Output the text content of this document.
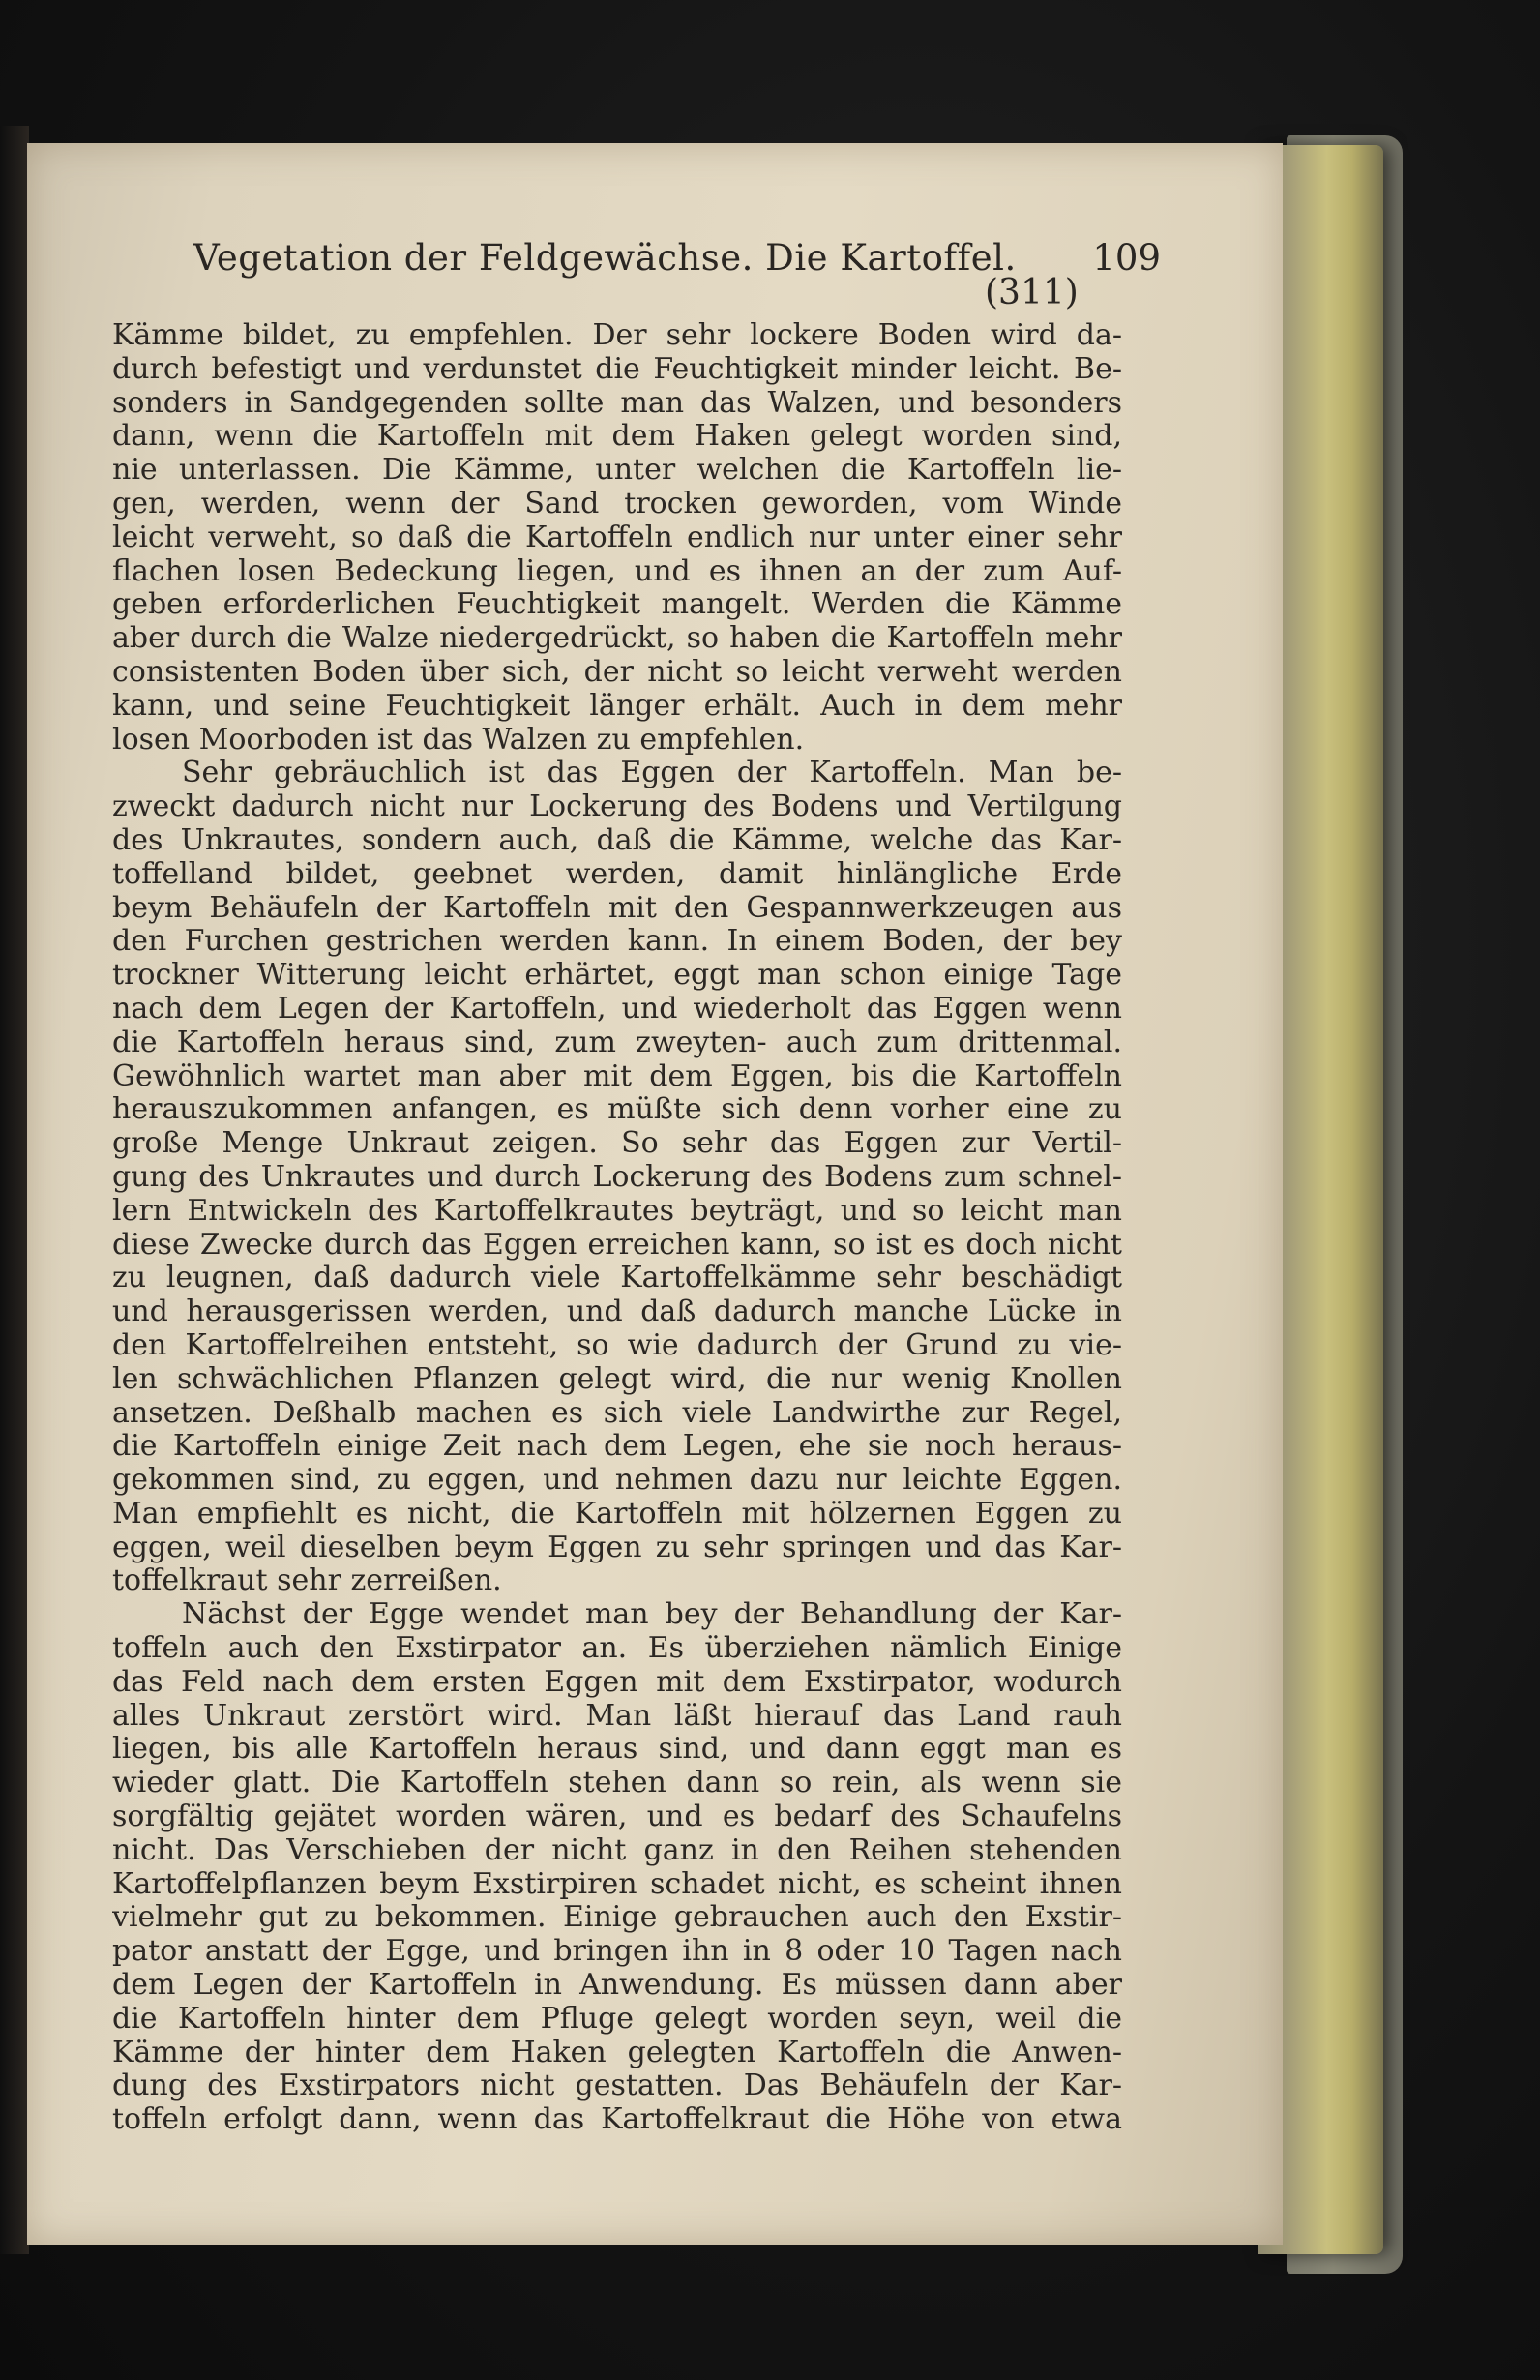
Vegetation der Feldgewächse. Die Kartoffel. 109
(311)
Kämme bildet, zu empfehlen. Der sehr lockere Boden wird da-
durch befestigt und verdunstet die Feuchtigkeit minder leicht. Be-
sonders in Sandgegenden sollte man das Walzen, und besonders
dann, wenn die Kartoffeln mit dem Haken gelegt worden sind,
nie unterlassen. Die Kämme, unter welchen die Kartoffeln lie-
gen, werden, wenn der Sand trocken geworden, vom Winde
leicht verweht, so daß die Kartoffeln endlich nur unter einer sehr
flachen losen Bedeckung liegen, und es ihnen an der zum Auf-
geben erforderlichen Feuchtigkeit mangelt. Werden die Kämme
aber durch die Walze niedergedrückt, so haben die Kartoffeln mehr
consistenten Boden über sich, der nicht so leicht verweht werden
kann, und seine Feuchtigkeit länger erhält. Auch in dem mehr
losen Moorboden ist das Walzen zu empfehlen.
Sehr gebräuchlich ist das Eggen der Kartoffeln. Man be-
zweckt dadurch nicht nur Lockerung des Bodens und Vertilgung
des Unkrautes, sondern auch, daß die Kämme, welche das Kar-
toffelland bildet, geebnet werden, damit hinlängliche Erde
beym Behäufeln der Kartoffeln mit den Gespannwerkzeugen aus
den Furchen gestrichen werden kann. In einem Boden, der bey
trockner Witterung leicht erhärtet, eggt man schon einige Tage
nach dem Legen der Kartoffeln, und wiederholt das Eggen wenn
die Kartoffeln heraus sind, zum zweyten- auch zum drittenmal.
Gewöhnlich wartet man aber mit dem Eggen, bis die Kartoffeln
herauszukommen anfangen, es müßte sich denn vorher eine zu
große Menge Unkraut zeigen. So sehr das Eggen zur Vertil-
gung des Unkrautes und durch Lockerung des Bodens zum schnel-
lern Entwickeln des Kartoffelkrautes beyträgt, und so leicht man
diese Zwecke durch das Eggen erreichen kann, so ist es doch nicht
zu leugnen, daß dadurch viele Kartoffelkämme sehr beschädigt
und herausgerissen werden, und daß dadurch manche Lücke in
den Kartoffelreihen entsteht, so wie dadurch der Grund zu vie-
len schwächlichen Pflanzen gelegt wird, die nur wenig Knollen
ansetzen. Deßhalb machen es sich viele Landwirthe zur Regel,
die Kartoffeln einige Zeit nach dem Legen, ehe sie noch heraus-
gekommen sind, zu eggen, und nehmen dazu nur leichte Eggen.
Man empfiehlt es nicht, die Kartoffeln mit hölzernen Eggen zu
eggen, weil dieselben beym Eggen zu sehr springen und das Kar-
toffelkraut sehr zerreißen.
Nächst der Egge wendet man bey der Behandlung der Kar-
toffeln auch den Exstirpator an. Es überziehen nämlich Einige
das Feld nach dem ersten Eggen mit dem Exstirpator, wodurch
alles Unkraut zerstört wird. Man läßt hierauf das Land rauh
liegen, bis alle Kartoffeln heraus sind, und dann eggt man es
wieder glatt. Die Kartoffeln stehen dann so rein, als wenn sie
sorgfältig gejätet worden wären, und es bedarf des Schaufelns
nicht. Das Verschieben der nicht ganz in den Reihen stehenden
Kartoffelpflanzen beym Exstirpiren schadet nicht, es scheint ihnen
vielmehr gut zu bekommen. Einige gebrauchen auch den Exstir-
pator anstatt der Egge, und bringen ihn in 8 oder 10 Tagen nach
dem Legen der Kartoffeln in Anwendung. Es müssen dann aber
die Kartoffeln hinter dem Pfluge gelegt worden seyn, weil die
Kämme der hinter dem Haken gelegten Kartoffeln die Anwen-
dung des Exstirpators nicht gestatten. Das Behäufeln der Kar-
toffeln erfolgt dann, wenn das Kartoffelkraut die Höhe von etwa
